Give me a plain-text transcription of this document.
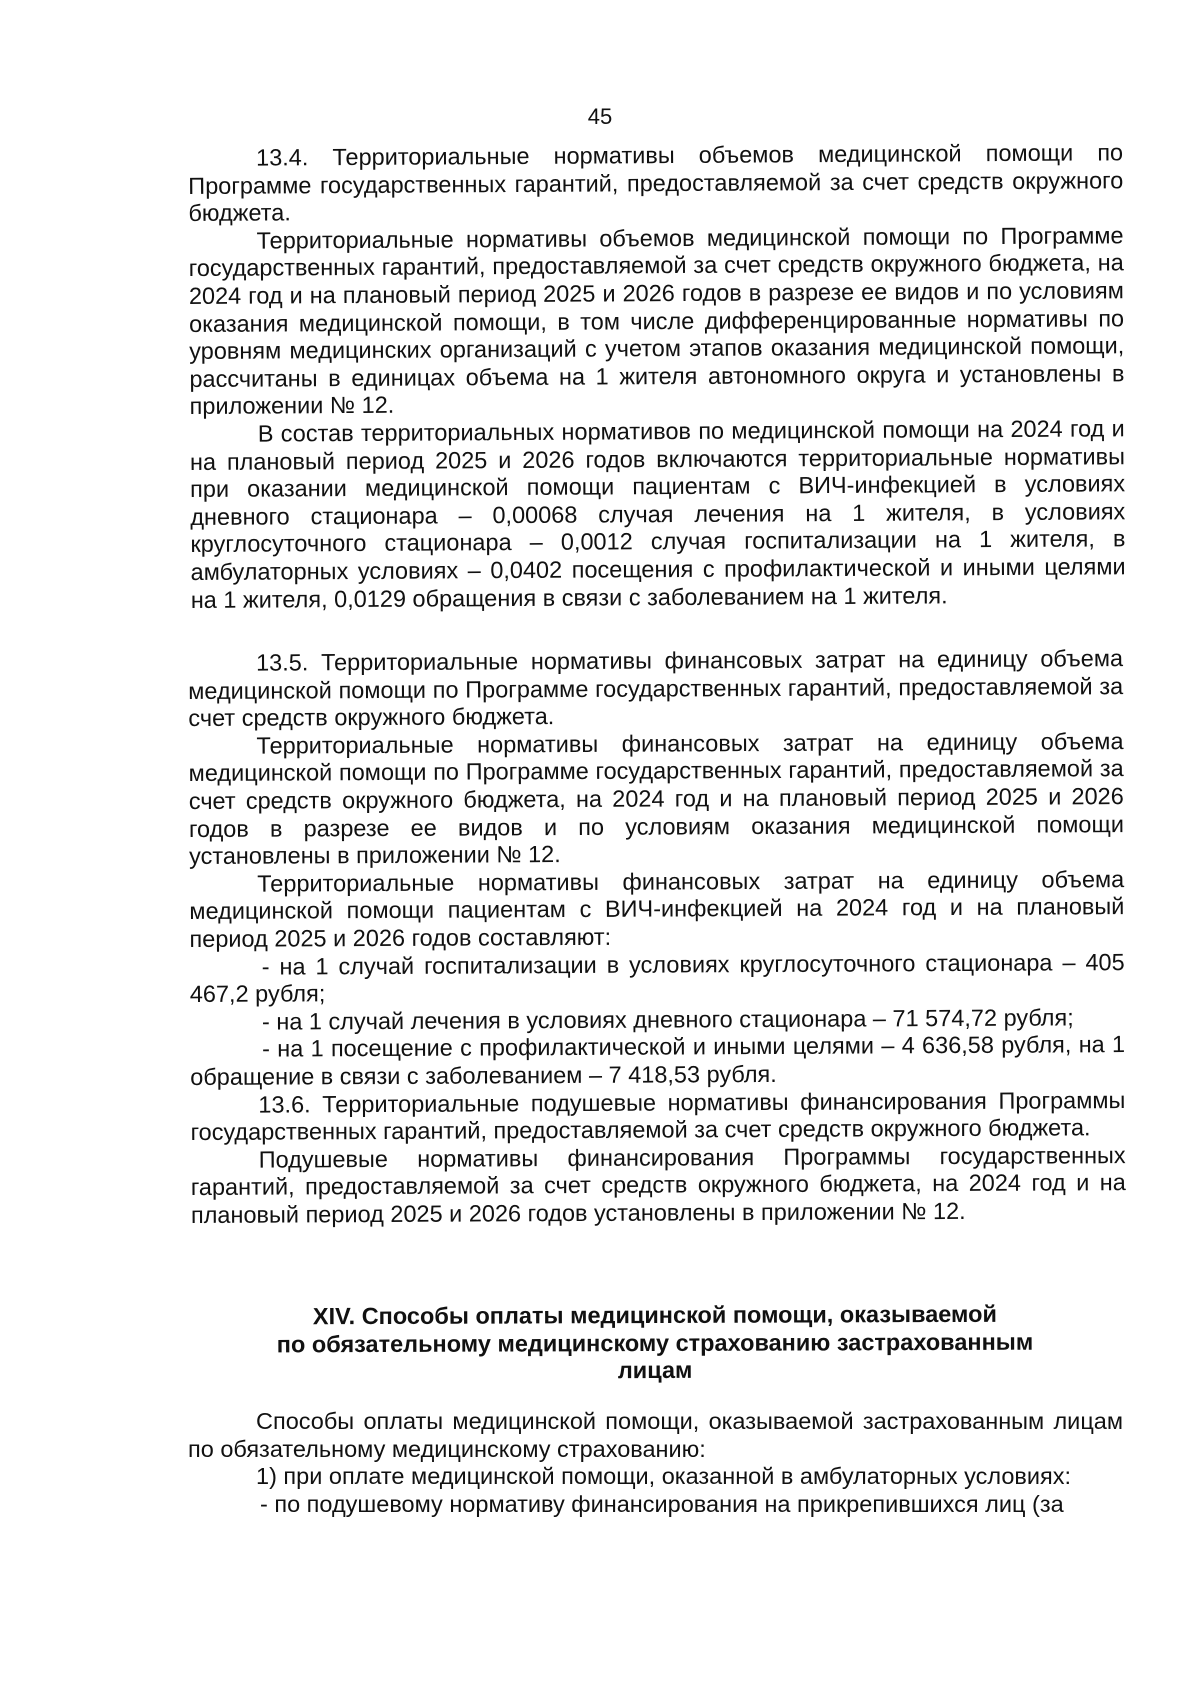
45

13.4. Территориальные нормативы объемов медицинской помощи по Программе государственных гарантий, предоставляемой за счет средств окружного бюджета.

Территориальные нормативы объемов медицинской помощи по Программе государственных гарантий, предоставляемой за счет средств окружного бюджета, на 2024 год и на плановый период 2025 и 2026 годов в разрезе ее видов и по условиям оказания медицинской помощи, в том числе дифференцированные нормативы по уровням медицинских организаций с учетом этапов оказания медицинской помощи, рассчитаны в единицах объема на 1 жителя автономного округа и установлены в приложении № 12.

В состав территориальных нормативов по медицинской помощи на 2024 год и на плановый период 2025 и 2026 годов включаются территориальные нормативы при оказании медицинской помощи пациентам с ВИЧ-инфекцией в условиях дневного стационара – 0,00068 случая лечения на 1 жителя, в условиях круглосуточного стационара – 0,0012 случая госпитализации на 1 жителя, в амбулаторных условиях – 0,0402 посещения с профилактической и иными целями на 1 жителя, 0,0129 обращения в связи с заболеванием на 1 жителя.

13.5. Территориальные нормативы финансовых затрат на единицу объема медицинской помощи по Программе государственных гарантий, предоставляемой за счет средств окружного бюджета.

Территориальные нормативы финансовых затрат на единицу объема медицинской помощи по Программе государственных гарантий, предоставляемой за счет средств окружного бюджета, на 2024 год и на плановый период 2025 и 2026 годов в разрезе ее видов и по условиям оказания медицинской помощи установлены в приложении № 12.

Территориальные нормативы финансовых затрат на единицу объема медицинской помощи пациентам с ВИЧ-инфекцией на 2024 год и на плановый период 2025 и 2026 годов составляют:

- на 1 случай госпитализации в условиях круглосуточного стационара – 405 467,2 рубля;

- на 1 случай лечения в условиях дневного стационара – 71 574,72 рубля;

- на 1 посещение с профилактической и иными целями – 4 636,58 рубля, на 1 обращение в связи с заболеванием – 7 418,53 рубля.

13.6. Территориальные подушевые нормативы финансирования Программы государственных гарантий, предоставляемой за счет средств окружного бюджета.

Подушевые нормативы финансирования Программы государственных гарантий, предоставляемой за счет средств окружного бюджета, на 2024 год и на плановый период 2025 и 2026 годов установлены в приложении № 12.

XIV. Способы оплаты медицинской помощи, оказываемой
по обязательному медицинскому страхованию застрахованным
лицам

Способы оплаты медицинской помощи, оказываемой застрахованным лицам по обязательному медицинскому страхованию:

1) при оплате медицинской помощи, оказанной в амбулаторных условиях:

- по подушевому нормативу финансирования на прикрепившихся лиц (за
